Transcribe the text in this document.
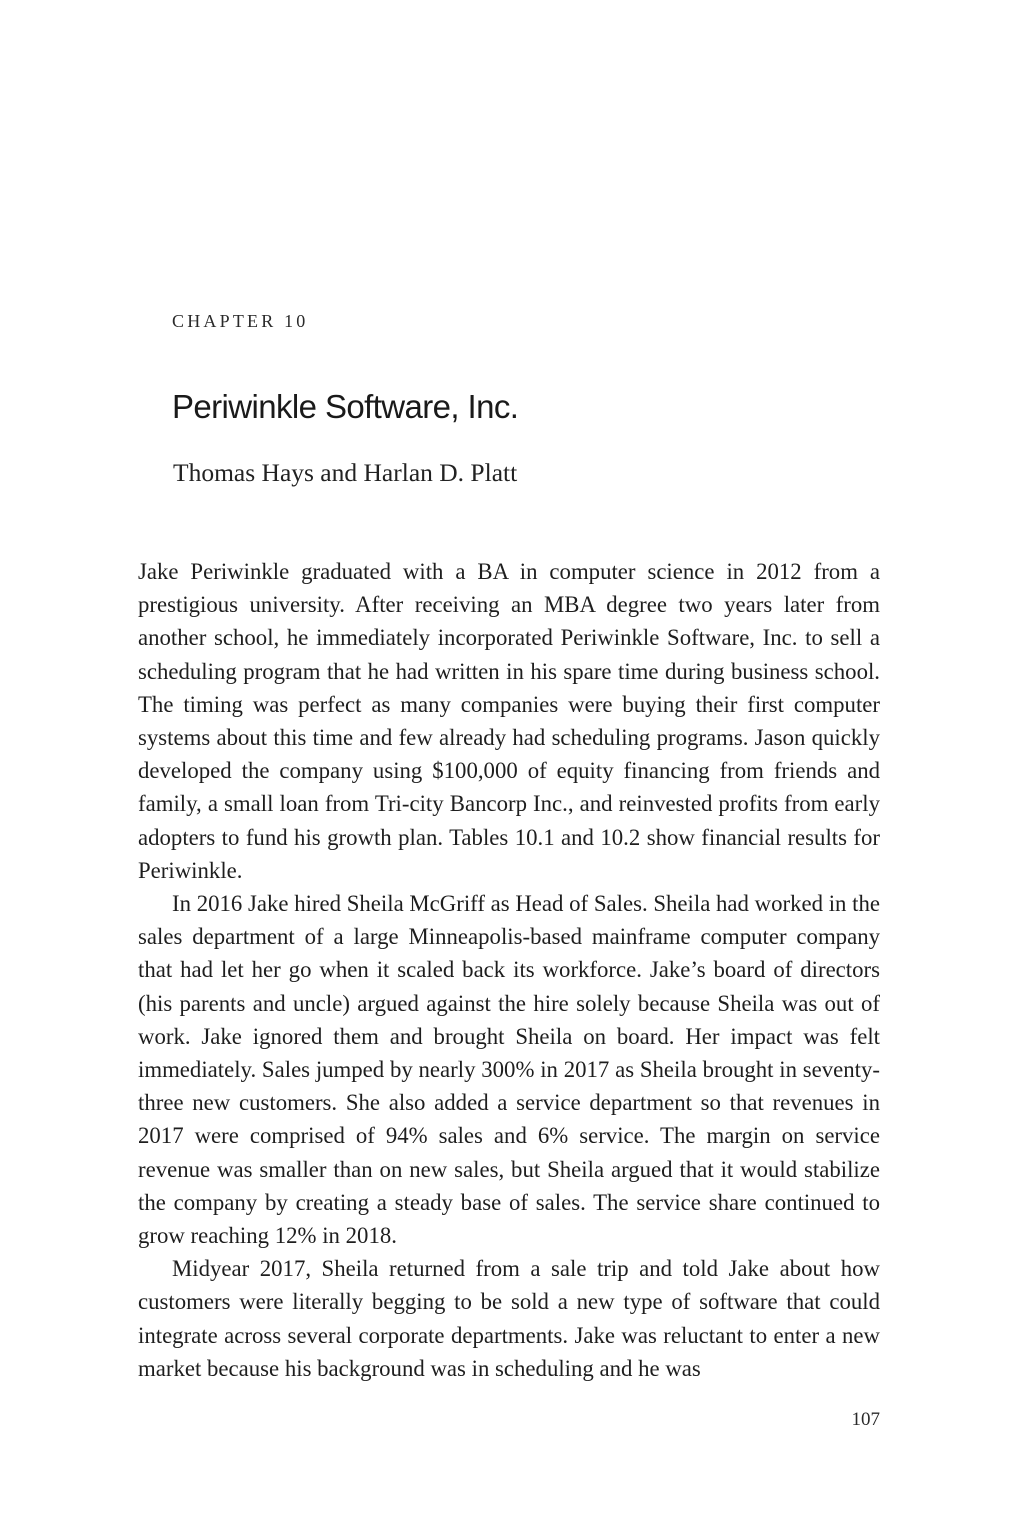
CHAPTER 10

Periwinkle Software, Inc.

Thomas Hays and Harlan D. Platt

Jake Periwinkle graduated with a BA in computer science in 2012 from a prestigious university. After receiving an MBA degree two years later from another school, he immediately incorporated Periwinkle Software, Inc. to sell a scheduling program that he had written in his spare time during business school. The timing was perfect as many companies were buying their first computer systems about this time and few already had scheduling programs. Jason quickly developed the company using $100,000 of equity financing from friends and family, a small loan from Tri-city Bancorp Inc., and reinvested profits from early adopters to fund his growth plan. Tables 10.1 and 10.2 show financial results for Periwinkle.

In 2016 Jake hired Sheila McGriff as Head of Sales. Sheila had worked in the sales department of a large Minneapolis-based mainframe computer company that had let her go when it scaled back its workforce. Jake’s board of directors (his parents and uncle) argued against the hire solely because Sheila was out of work. Jake ignored them and brought Sheila on board. Her impact was felt immediately. Sales jumped by nearly 300% in 2017 as Sheila brought in seventy-three new customers. She also added a service department so that revenues in 2017 were comprised of 94% sales and 6% service. The margin on service revenue was smaller than on new sales, but Sheila argued that it would stabilize the company by creating a steady base of sales. The service share continued to grow reaching 12% in 2018.

Midyear 2017, Sheila returned from a sale trip and told Jake about how customers were literally begging to be sold a new type of software that could integrate across several corporate departments. Jake was reluctant to enter a new market because his background was in scheduling and he was

107
